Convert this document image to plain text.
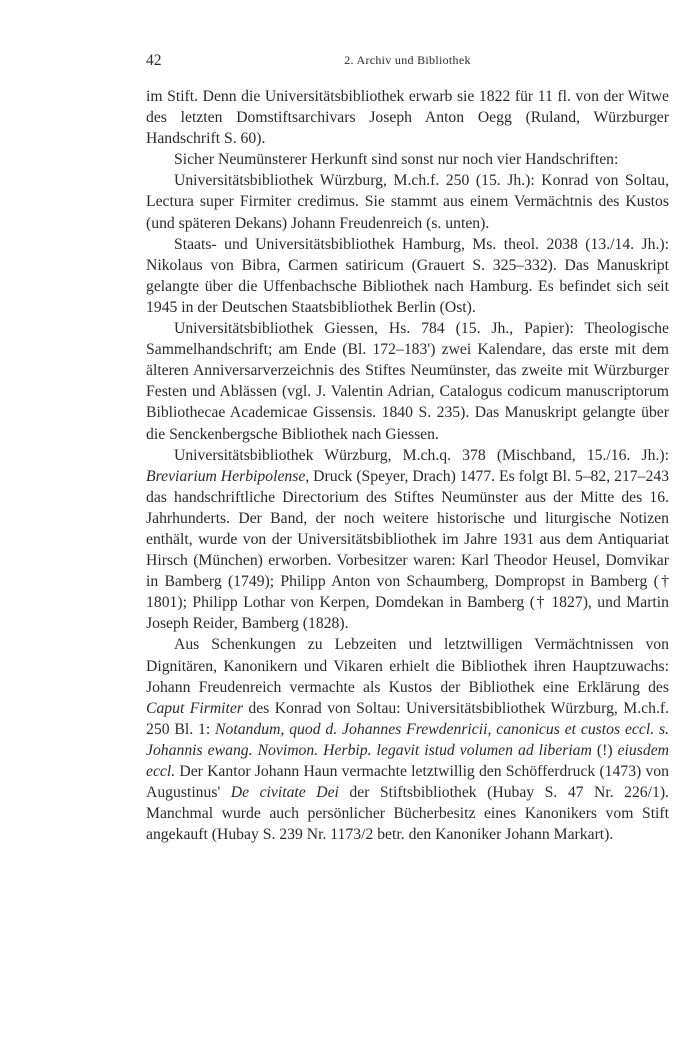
42	2. Archiv und Bibliothek

im Stift. Denn die Universitätsbibliothek erwarb sie 1822 für 11 fl. von der Witwe des letzten Domstiftsarchivars Joseph Anton Oegg (Ruland, Würzburger Handschrift S. 60).

Sicher Neumünsterer Herkunft sind sonst nur noch vier Handschriften:

Universitätsbibliothek Würzburg, M.ch.f. 250 (15. Jh.): Konrad von Soltau, Lectura super Firmiter credimus. Sie stammt aus einem Vermächtnis des Kustos (und späteren Dekans) Johann Freudenreich (s. unten).

Staats- und Universitätsbibliothek Hamburg, Ms. theol. 2038 (13./14. Jh.): Nikolaus von Bibra, Carmen satiricum (Grauert S. 325–332). Das Manuskript gelangte über die Uffenbachsche Bibliothek nach Hamburg. Es befindet sich seit 1945 in der Deutschen Staatsbibliothek Berlin (Ost).

Universitätsbibliothek Giessen, Hs. 784 (15. Jh., Papier): Theologische Sammelhandschrift; am Ende (Bl. 172–183') zwei Kalendare, das erste mit dem älteren Anniversarverzeichnis des Stiftes Neumünster, das zweite mit Würzburger Festen und Ablässen (vgl. J. Valentin Adrian, Catalogus codicum manuscriptorum Bibliothecae Academicae Gissensis. 1840 S. 235). Das Manuskript gelangte über die Senckenbergsche Bibliothek nach Giessen.

Universitätsbibliothek Würzburg, M.ch.q. 378 (Mischband, 15./16. Jh.): Breviarium Herbipolense, Druck (Speyer, Drach) 1477. Es folgt Bl. 5–82, 217–243 das handschriftliche Directorium des Stiftes Neumünster aus der Mitte des 16. Jahrhunderts. Der Band, der noch weitere historische und liturgische Notizen enthält, wurde von der Universitätsbibliothek im Jahre 1931 aus dem Antiquariat Hirsch (München) erworben. Vorbesitzer waren: Karl Theodor Heusel, Domvikar in Bamberg (1749); Philipp Anton von Schaumberg, Dompropst in Bamberg († 1801); Philipp Lothar von Kerpen, Domdekan in Bamberg († 1827), und Martin Joseph Reider, Bamberg (1828).

Aus Schenkungen zu Lebzeiten und letztwilligen Vermächtnissen von Dignitären, Kanonikern und Vikaren erhielt die Bibliothek ihren Hauptzuwachs: Johann Freudenreich vermachte als Kustos der Bibliothek eine Erklärung des Caput Firmiter des Konrad von Soltau: Universitätsbibliothek Würzburg, M.ch.f. 250 Bl. 1: Notandum, quod d. Johannes Frewdenricii, canonicus et custos eccl. s. Johannis ewang. Novimon. Herbip. legavit istud volumen ad liberiam (!) eiusdem eccl. Der Kantor Johann Haun vermachte letztwillig den Schöfferdruck (1473) von Augustinus' De civitate Dei der Stiftsbibliothek (Hubay S. 47 Nr. 226/1). Manchmal wurde auch persönlicher Bücherbesitz eines Kanonikers vom Stift angekauft (Hubay S. 239 Nr. 1173/2 betr. den Kanoniker Johann Markart).
